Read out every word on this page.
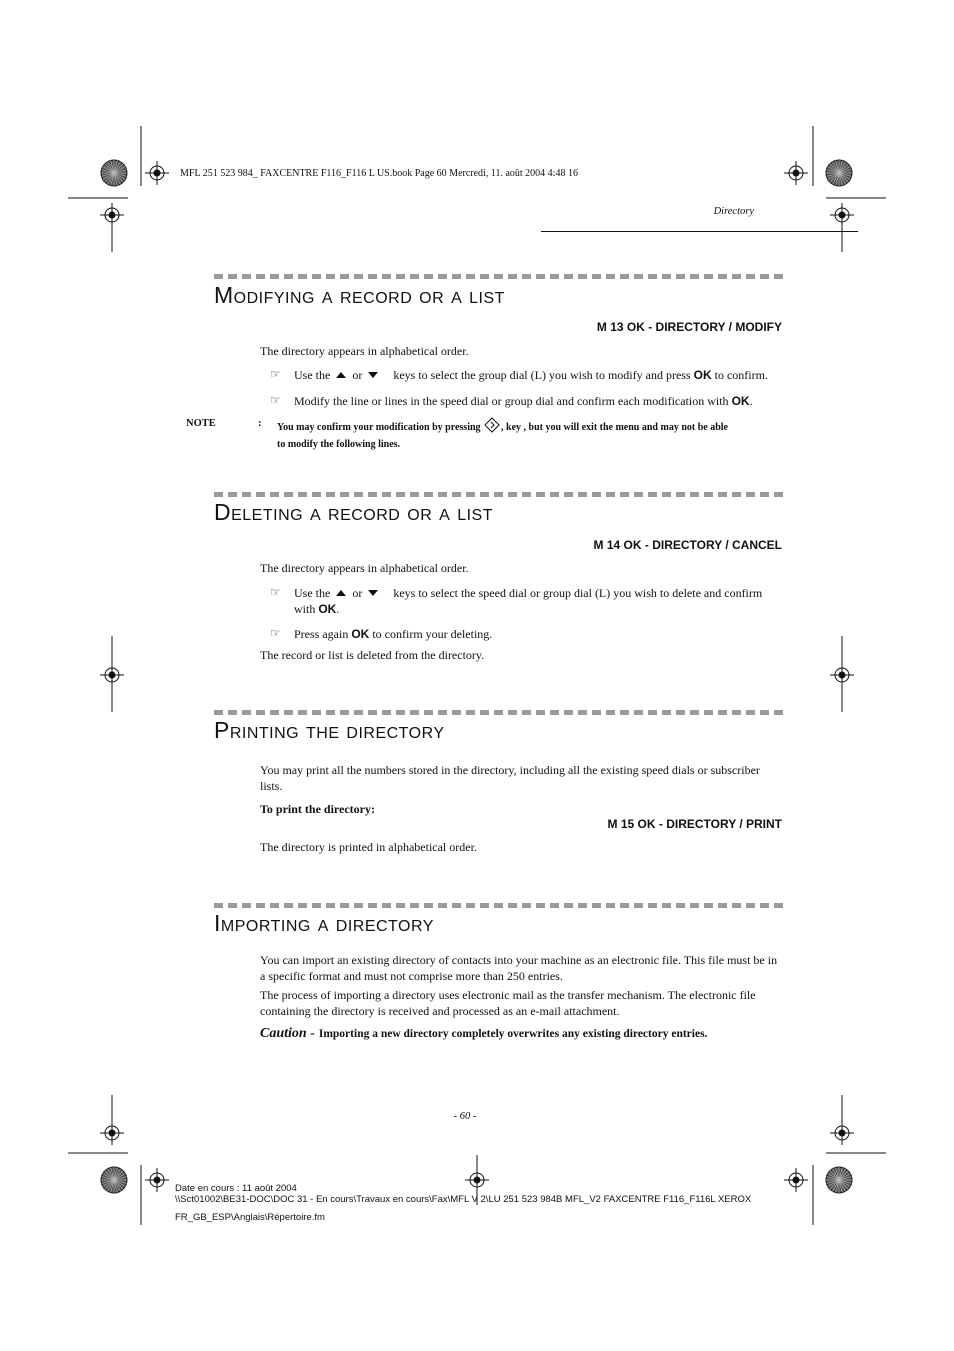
MFL 251 523 984_ FAXCENTRE F116_F116 L US.book Page 60 Mercredi, 11. août 2004 4:48 16
Directory
Modifying a record or a list
M 13 OK - DIRECTORY / MODIFY
The directory appears in alphabetical order.
☞ Use the or	keys to select the group dial (L) you wish to modify and press OK to confirm.
☞ Modify the line or lines in the speed dial or group dial and confirm each modification with OK.
NOTE	: You may confirm your modification by pressing , key , but you will exit the menu and may not be able
to modify the following lines.
Deleting a record or a list
M 14 OK - DIRECTORY / CANCEL
The directory appears in alphabetical order.
☞ Use the or	keys to select the speed dial or group dial (L) you wish to delete and confirm
with OK.
☞ Press again OK to confirm your deleting.
The record or list is deleted from the directory.
Printing the directory
You may print all the numbers stored in the directory, including all the existing speed dials or subscriber lists.
To print the directory:
M 15 OK - DIRECTORY / PRINT
The directory is printed in alphabetical order.
Importing a directory
You can import an existing directory of contacts into your machine as an electronic file. This file must be in a specific format and must not comprise more than 250 entries.
The process of importing a directory uses electronic mail as the transfer mechanism. The electronic file containing the directory is received and processed as an e-mail attachment.
Caution - Importing a new directory completely overwrites any existing directory entries.
- 60 -
Date en cours : 11 août 2004
\\Sct01002\BE31-DOC\DOC 31 - En cours\Travaux en cours\Fax\MFL V 2\LU 251 523 984B MFL_V2 FAXCENTRE F116_F116L XEROX
FR_GB_ESP\Anglais\Répertoire.fm
